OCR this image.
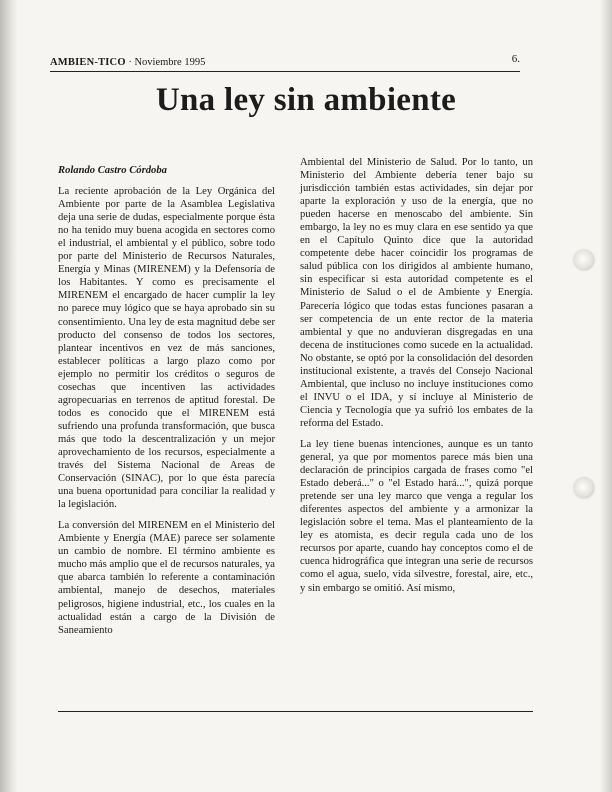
AMBIEN-TICO · Noviembre 1995	6.
Una ley sin ambiente
Rolando Castro Córdoba

La reciente aprobación de la Ley Orgánica del Ambiente por parte de la Asamblea Legislativa deja una serie de dudas, especialmente porque ésta no ha tenido muy buena acogida en sectores como el industrial, el ambiental y el público, sobre todo por parte del Ministerio de Recursos Naturales, Energía y Minas (MIRENEM) y la Defensoría de los Habitantes. Y como es precisamente el MIRENEM el encargado de hacer cumplir la ley no parece muy lógico que se haya aprobado sin su consentimiento. Una ley de esta magnitud debe ser producto del consenso de todos los sectores, plantear incentivos en vez de más sanciones, establecer políticas a largo plazo como por ejemplo no permitir los créditos o seguros de cosechas que incentiven las actividades agropecuarias en terrenos de aptitud forestal. De todos es conocido que el MIRENEM está sufriendo una profunda transformación, que busca más que todo la descentralización y un mejor aprovechamiento de los recursos, especialmente a través del Sistema Nacional de Areas de Conservación (SINAC), por lo que ésta parecía una buena oportunidad para conciliar la realidad y la legislación.

La conversión del MIRENEM en el Ministerio del Ambiente y Energía (MAE) parece ser solamente un cambio de nombre. El término ambiente es mucho más amplio que el de recursos naturales, ya que abarca también lo referente a contaminación ambiental, manejo de desechos, materiales peligrosos, higiene industrial, etc., los cuales en la actualidad están a cargo de la División de Saneamiento

Ambiental del Ministerio de Salud. Por lo tanto, un Ministerio del Ambiente debería tener bajo su jurisdicción también estas actividades, sin dejar por aparte la exploración y uso de la energía, que no pueden hacerse en menoscabo del ambiente. Sin embargo, la ley no es muy clara en ese sentido ya que en el Capítulo Quinto dice que la autoridad competente debe hacer coincidir los programas de salud pública con los dirigidos al ambiente humano, sin especificar si esta autoridad competente es el Ministerio de Salud o el de Ambiente y Energía. Parecería lógico que todas estas funciones pasaran a ser competencia de un ente rector de la materia ambiental y que no anduvieran disgregadas en una decena de instituciones como sucede en la actualidad. No obstante, se optó por la consolidación del desorden institucional existente, a través del Consejo Nacional Ambiental, que incluso no incluye instituciones como el INVU o el IDA, y sí incluye al Ministerio de Ciencia y Tecnología que ya sufrió los embates de la reforma del Estado.

La ley tiene buenas intenciones, aunque es un tanto general, ya que por momentos parece más bien una declaración de principios cargada de frases como "el Estado deberá..." o "el Estado hará...", quizá porque pretende ser una ley marco que venga a regular los diferentes aspectos del ambiente y a armonizar la legislación sobre el tema. Mas el planteamiento de la ley es atomista, es decir regula cada uno de los recursos por aparte, cuando hay conceptos como el de cuenca hidrográfica que integran una serie de recursos como el agua, suelo, vida silvestre, forestal, aire, etc., y sin embargo se omitió. Así mismo,
